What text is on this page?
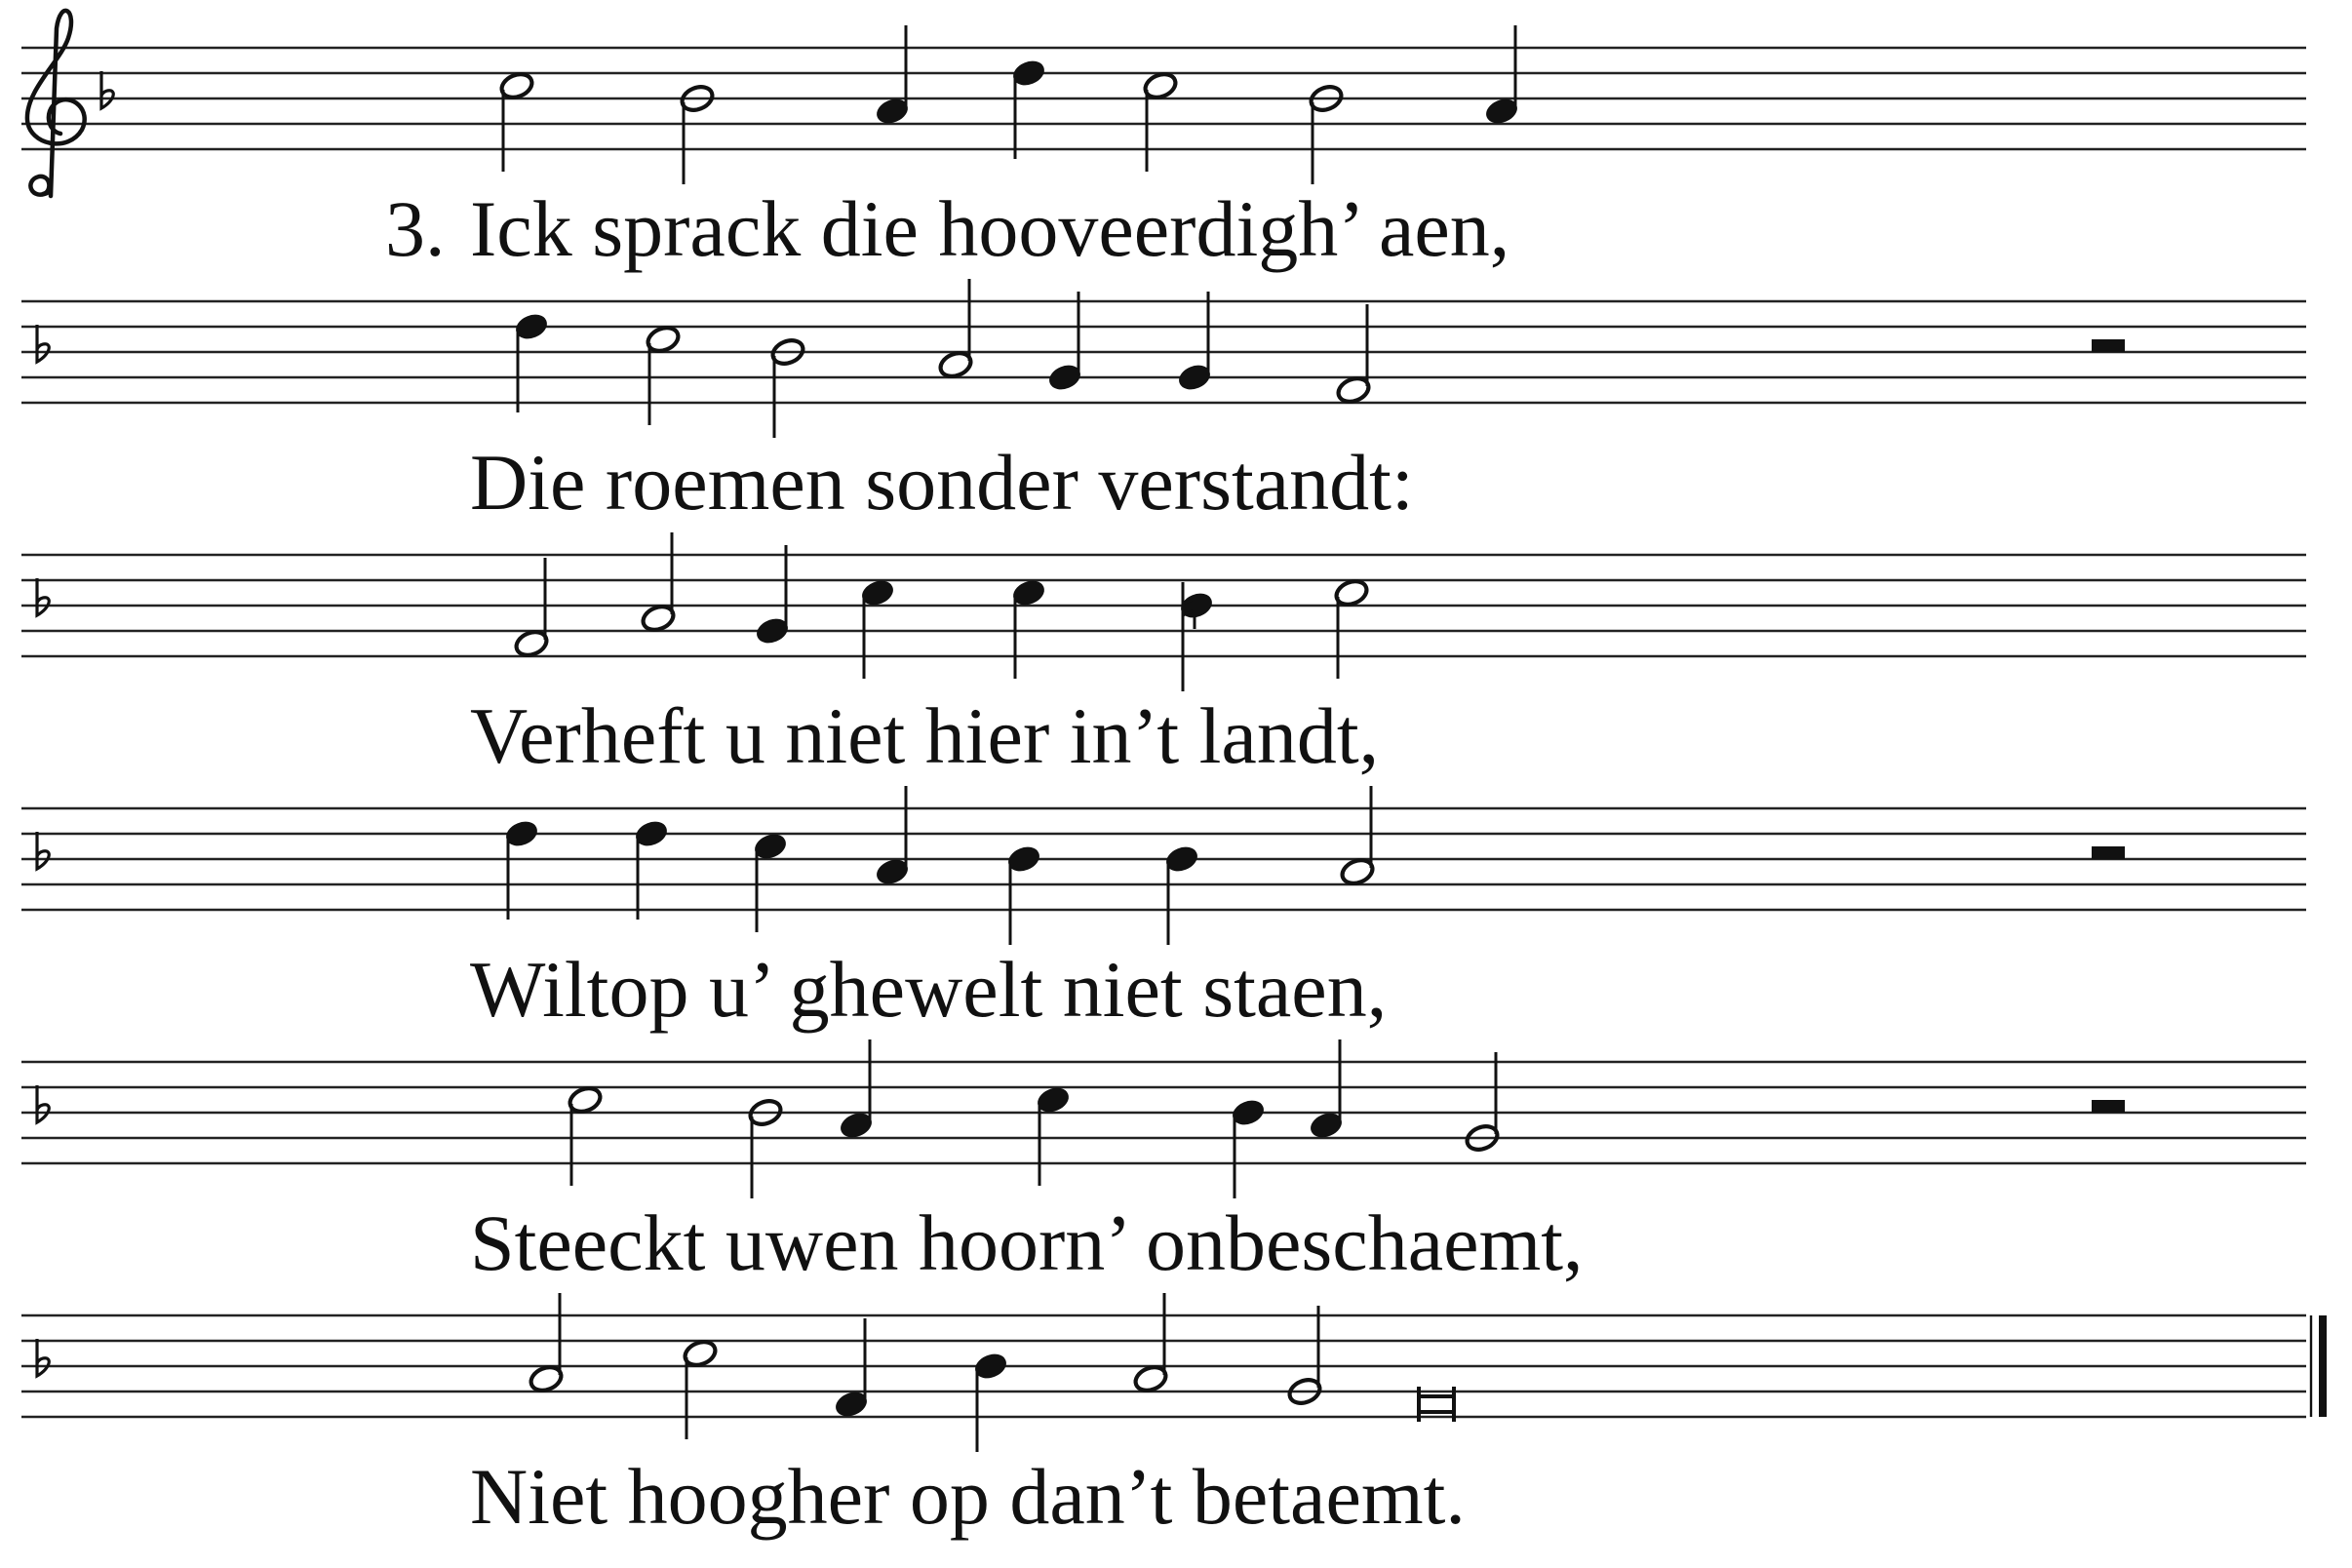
3. Ick sprack die hooveerdigh’ aen,
Die roemen sonder verstandt:
Verheft u niet hier in’t landt,
Wiltop u’ ghewelt niet staen,
Steeckt uwen hoorn’ onbeschaemt,
Niet hoogher op dan’t betaemt.
